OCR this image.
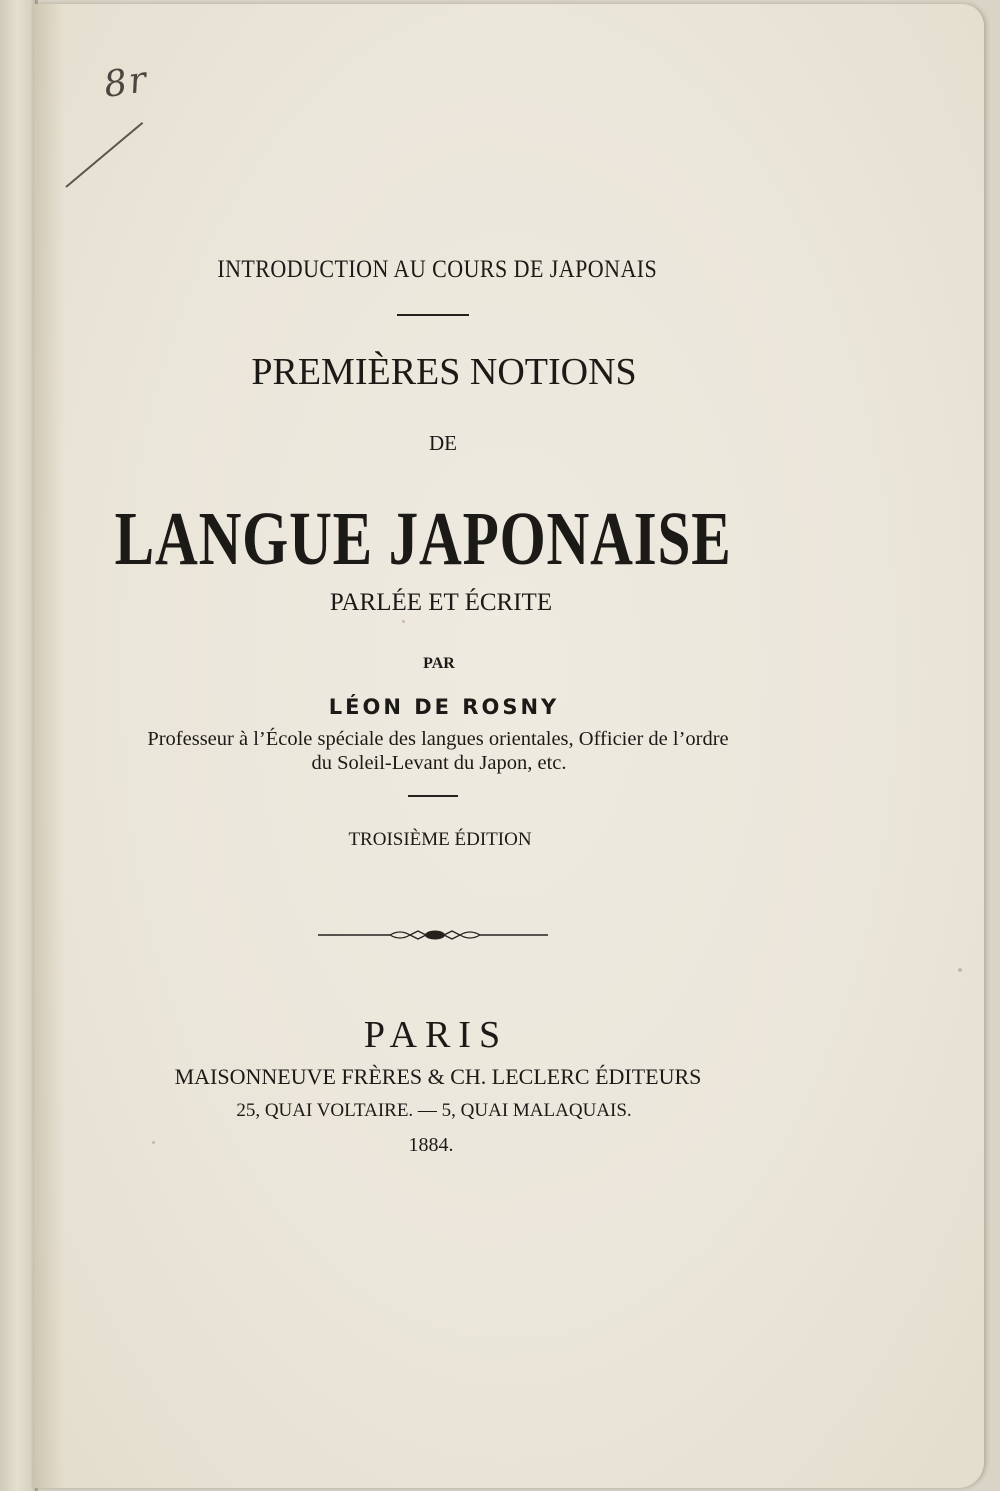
8r
INTRODUCTION AU COURS DE JAPONAIS
PREMIÈRES NOTIONS
DE
LANGUE JAPONAISE
PARLÉE ET ÉCRITE
PAR
LÉON DE ROSNY
Professeur à l’École spéciale des langues orientales, Officier de l’ordre
du Soleil-Levant du Japon, etc.
TROISIÈME ÉDITION
PARIS
MAISONNEUVE FRÈRES & CH. LECLERC ÉDITEURS
25, QUAI VOLTAIRE. — 5, QUAI MALAQUAIS.
1884.
